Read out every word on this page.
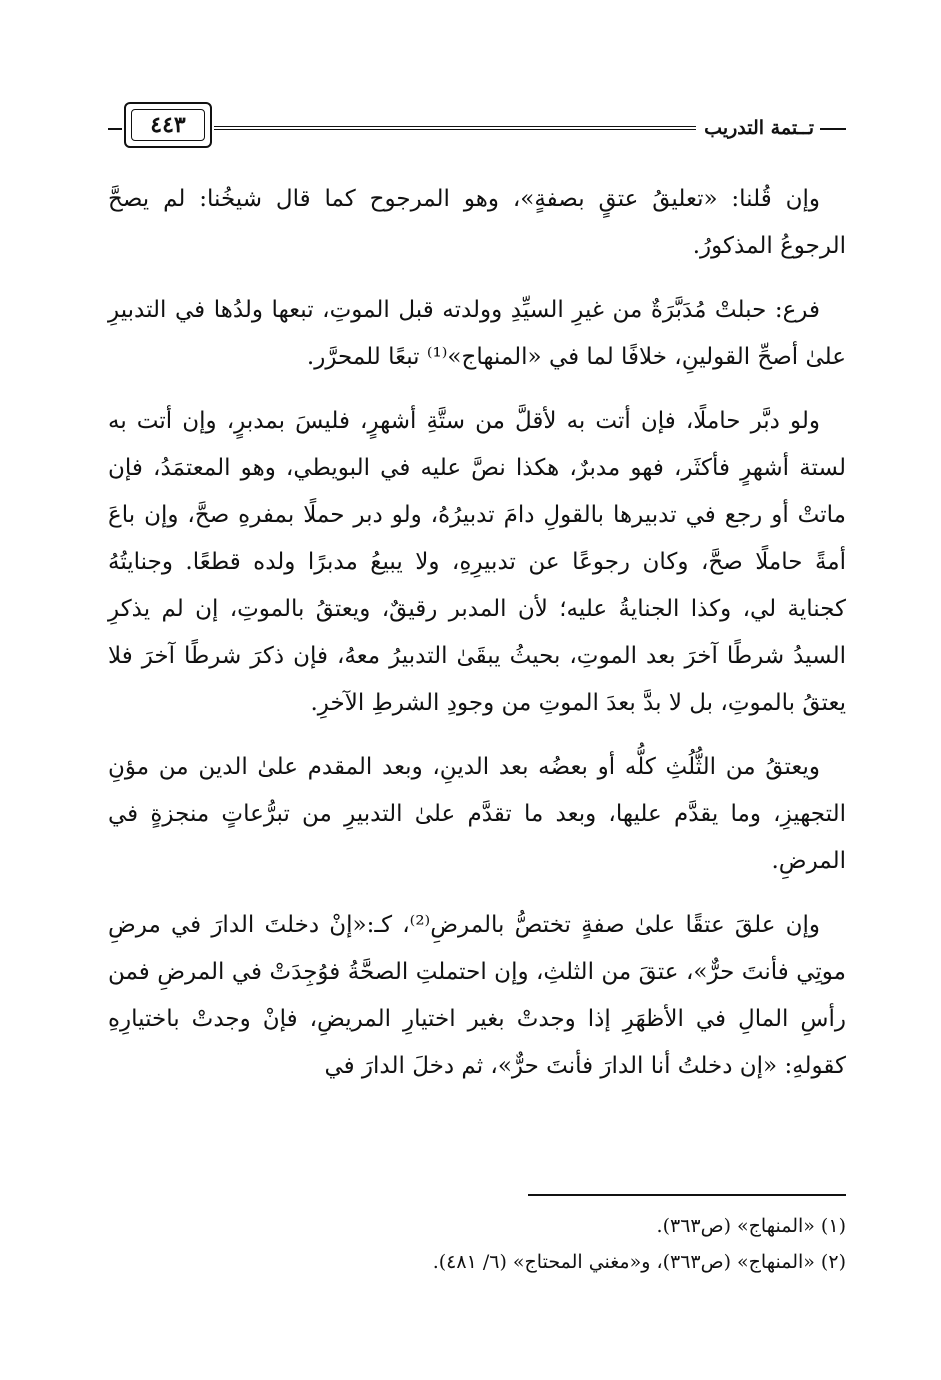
تــتمة التدريب
٤٤٣

وإن قُلنا: «تعليقُ عتقٍ بصفةٍ»، وهو المرجوح كما قال شيخُنا: لم يصحَّ الرجوعُ المذكورُ.

فرع: حبلتْ مُدَبَّرَةٌ من غيرِ السيِّدِ وولدته قبل الموتِ، تبعها ولدُها في التدبيرِ علىٰ أصحِّ القولينِ، خلافًا لما في «المنهاج»⁽¹⁾ تبعًا للمحرَّر.

ولو دبَّر حاملًا، فإن أتت به لأقلَّ من ستَّةِ أشهرٍ، فليسَ بمدبرٍ، وإن أتت به لستة أشهرٍ فأكثَر، فهو مدبرٌ، هكذا نصَّ عليه في البويطي، وهو المعتمَدُ، فإن ماتتْ أو رجع في تدبيرها بالقولِ دامَ تدبيرُهُ، ولو دبر حملًا بمفرهِ صحَّ، وإن باعَ أمةً حاملًا صحَّ، وكان رجوعًا عن تدبيرِهِ، ولا يبيعُ مدبرًا ولده قطعًا. وجنايتُهُ كجناية لي، وكذا الجنايةُ عليه؛ لأن المدبر رقيقٌ، ويعتقُ بالموتِ، إن لم يذكرِ السيدُ شرطًا آخرَ بعد الموتِ، بحيثُ يبقَىٰ التدبيرُ معهُ، فإن ذكرَ شرطًا آخرَ فلا يعتقُ بالموتِ، بل لا بدَّ بعدَ الموتِ من وجودِ الشرطِ الآخرِ.

ويعتقُ من الثُّلُثِ كلُّه أو بعضُه بعد الدينِ، وبعد المقدم علىٰ الدين من مؤنِ التجهيزِ، وما يقدَّم عليها، وبعد ما تقدَّم علىٰ التدبيرِ من تبرُّعاتٍ منجزةٍ في المرضِ.

وإن علقَ عتقًا علىٰ صفةٍ تختصُّ بالمرضِ⁽²⁾، كـ:«إنْ دخلتَ الدارَ في مرضِ موتِي فأنتَ حرٌّ»، عتقَ من الثلثِ، وإن احتملتِ الصحَّةُ فوُجِدَتْ في المرضِ فمن رأسِ المالِ في الأظهَرِ إذا وجدتْ بغير اختيارِ المريضِ، فإنْ وجدتْ باختيارِهِ كقولهِ: «إن دخلتُ أنا الدارَ فأنتَ حرٌّ»، ثم دخلَ الدارَ في

(١) «المنهاج» (ص٣٦٣).
(٢) «المنهاج» (ص٣٦٣)، و«مغني المحتاج» (٦/ ٤٨١).
